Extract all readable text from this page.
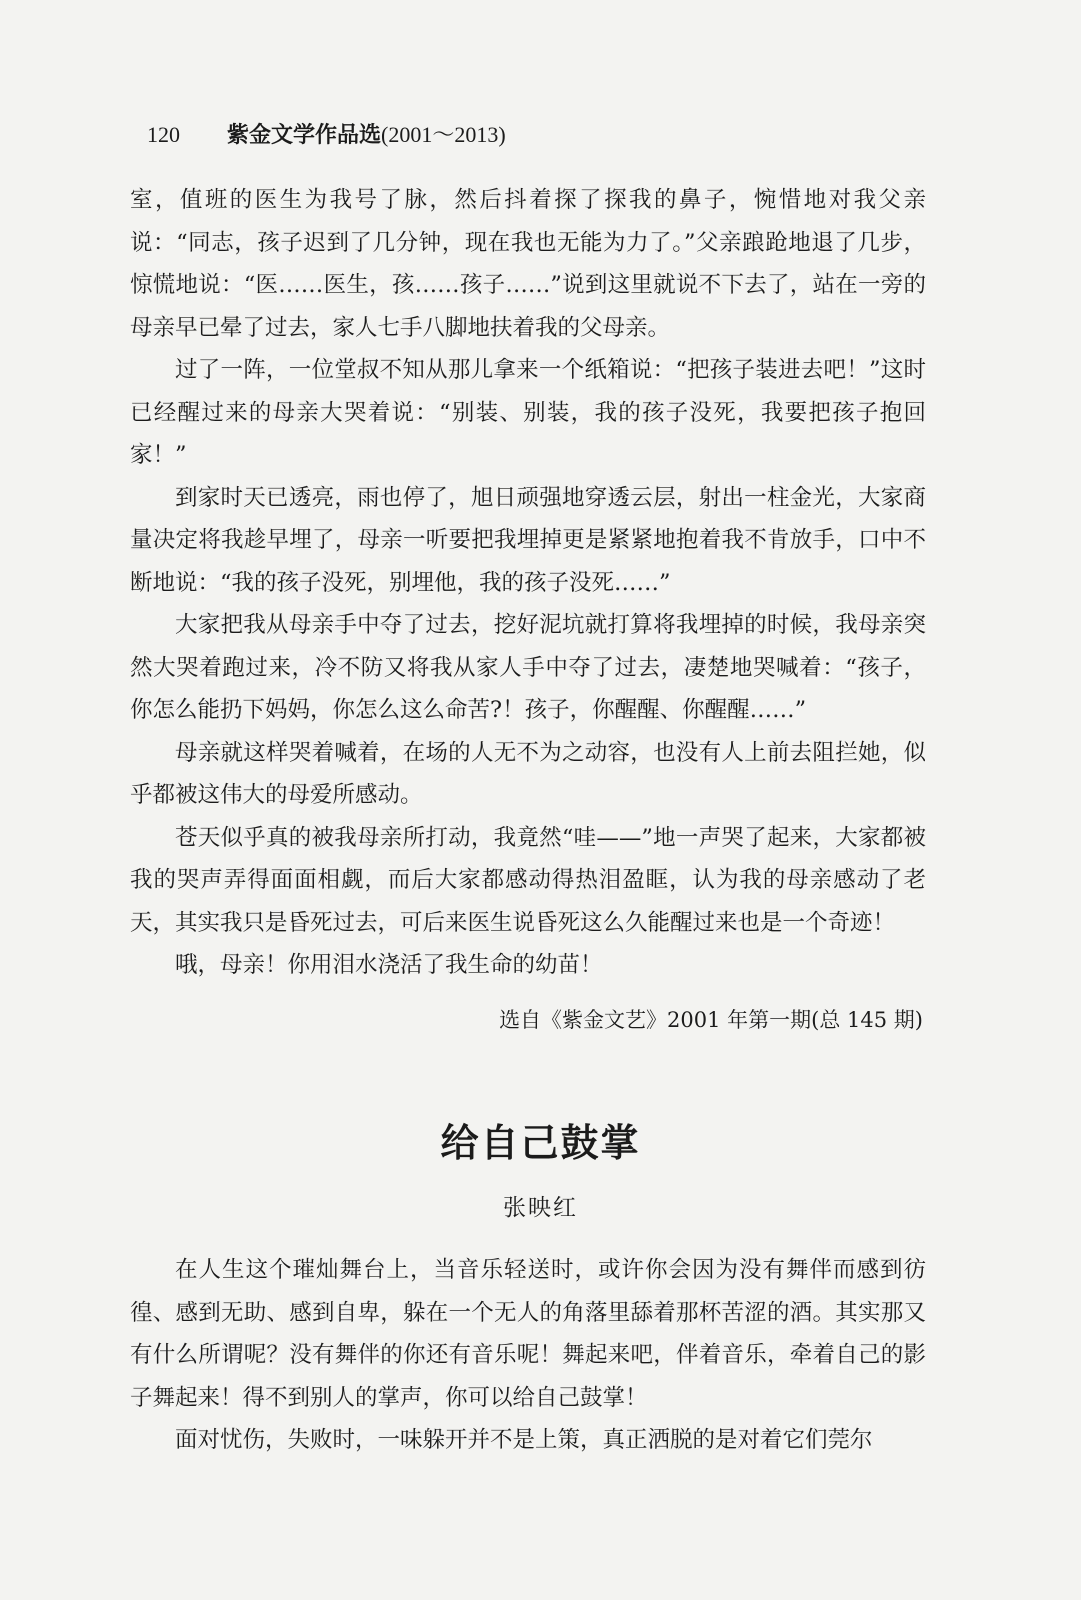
120	紫金文学作品选(2001～2013)

室，值班的医生为我号了脉，然后抖着探了探我的鼻子，惋惜地对我父亲说：“同志，孩子迟到了几分钟，现在我也无能为力了。”父亲踉跄地退了几步，惊慌地说：“医……医生，孩……孩子……”说到这里就说不下去了，站在一旁的母亲早已晕了过去，家人七手八脚地扶着我的父母亲。

过了一阵，一位堂叔不知从那儿拿来一个纸箱说：“把孩子装进去吧！”这时已经醒过来的母亲大哭着说：“别装、别装，我的孩子没死，我要把孩子抱回家！”

到家时天已透亮，雨也停了，旭日顽强地穿透云层，射出一柱金光，大家商量决定将我趁早埋了，母亲一听要把我埋掉更是紧紧地抱着我不肯放手，口中不断地说：“我的孩子没死，别埋他，我的孩子没死……”

大家把我从母亲手中夺了过去，挖好泥坑就打算将我埋掉的时候，我母亲突然大哭着跑过来，冷不防又将我从家人手中夺了过去，凄楚地哭喊着：“孩子，你怎么能扔下妈妈，你怎么这么命苦?！孩子，你醒醒、你醒醒……”

母亲就这样哭着喊着，在场的人无不为之动容，也没有人上前去阻拦她，似乎都被这伟大的母爱所感动。

苍天似乎真的被我母亲所打动，我竟然“哇——”地一声哭了起来，大家都被我的哭声弄得面面相觑，而后大家都感动得热泪盈眶，认为我的母亲感动了老天，其实我只是昏死过去，可后来医生说昏死这么久能醒过来也是一个奇迹！

哦，母亲！你用泪水浇活了我生命的幼苗！

选自《紫金文艺》2001 年第一期(总 145 期)
给自己鼓掌
张映红

在人生这个璀灿舞台上，当音乐轻送时，或许你会因为没有舞伴而感到彷徨、感到无助、感到自卑，躲在一个无人的角落里舔着那杯苦涩的酒。其实那又有什么所谓呢？没有舞伴的你还有音乐呢！舞起来吧，伴着音乐，牵着自己的影子舞起来！得不到别人的掌声，你可以给自己鼓掌！

面对忧伤，失败时，一味躲开并不是上策，真正洒脱的是对着它们莞尔
